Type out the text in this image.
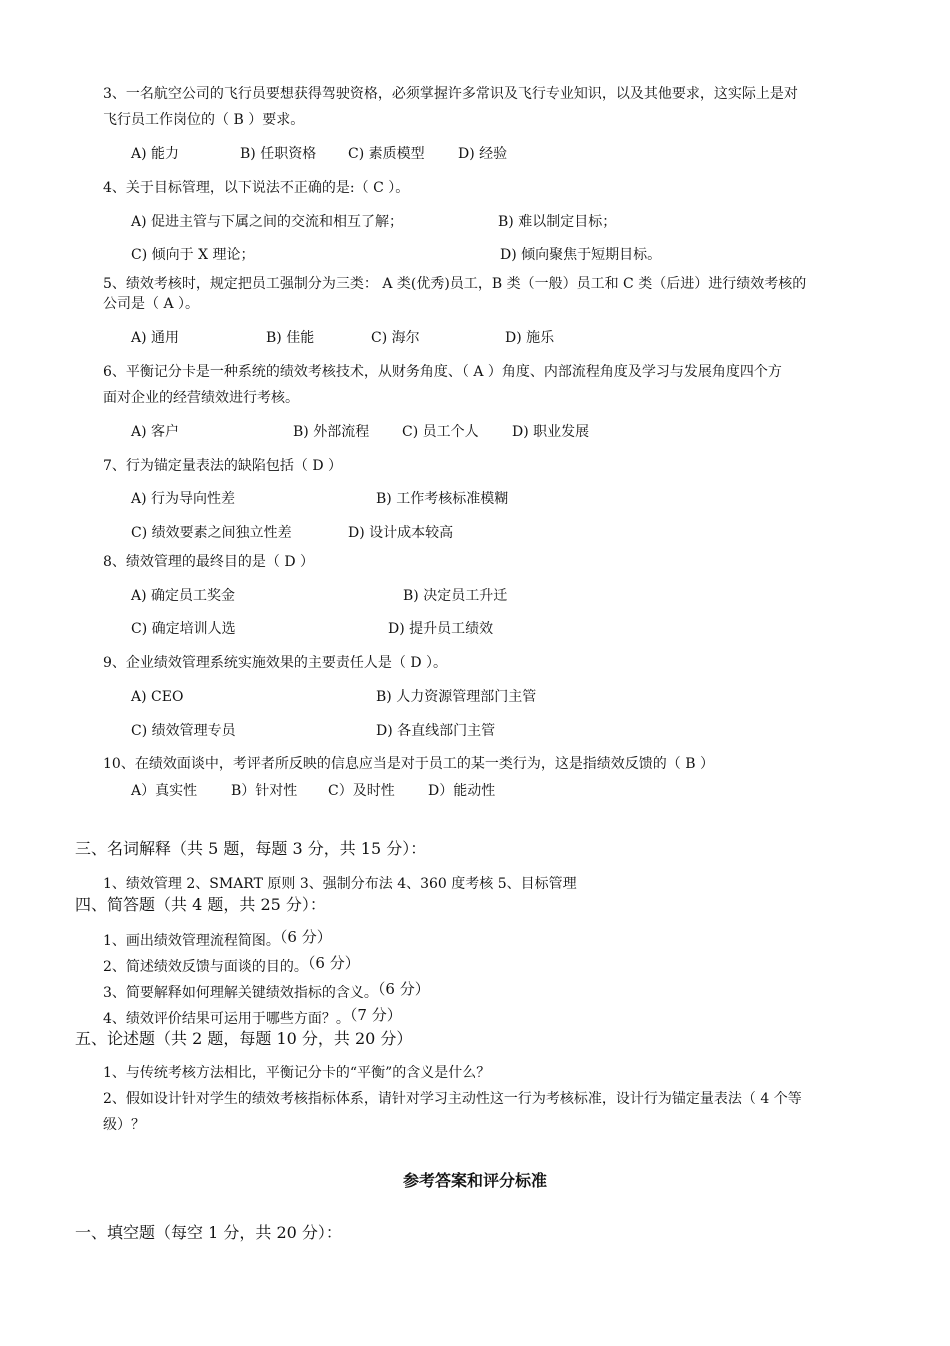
3、一名航空公司的飞行员要想获得驾驶资格，必须掌握许多常识及飞行专业知识，以及其他要求，这实际上是对
飞行员工作岗位的（ B ）要求。
A) 能力	B) 任职资格 C) 素质模型 D) 经验
4、关于目标管理，以下说法不正确的是:（ C ）。
A) 促进主管与下属之间的交流和相互了解；	B) 难以制定目标；
C) 倾向于 X 理论；	D) 倾向聚焦于短期目标。
5、绩效考核时，规定把员工强制分为三类： A 类(优秀)员工，B 类（一般）员工和 C 类（后进）进行绩效考核的
公司是（ A ）。
A) 通用	B) 佳能	C) 海尔	D) 施乐
6、平衡记分卡是一种系统的绩效考核技术，从财务角度、（ A ）角度、内部流程角度及学习与发展角度四个方
面对企业的经营绩效进行考核。
A) 客户	B) 外部流程 C) 员工个人 D) 职业发展
7、行为锚定量表法的缺陷包括（ D ）
A) 行为导向性差	B) 工作考核标准模糊
C) 绩效要素之间独立性差	D) 设计成本较高
8、绩效管理的最终目的是（ D ）
A) 确定员工奖金	B) 决定员工升迁
C) 确定培训人选	D) 提升员工绩效
9、企业绩效管理系统实施效果的主要责任人是（ D ）。
A) CEO	B) 人力资源管理部门主管
C) 绩效管理专员	D) 各直线部门主管
10、在绩效面谈中，考评者所反映的信息应当是对于员工的某一类行为，这是指绩效反馈的（ B ）
A）真实性 B）针对性 C）及时性 D）能动性
三、名词解释（共 5 题，每题 3 分，共 15 分）：
1、绩效管理 2、SMART 原则 3、强制分布法 4、360 度考核 5、目标管理
四、简答题（共 4 题，共 25 分）：
1、画出绩效管理流程简图。（6 分）
2、简述绩效反馈与面谈的目的。（6 分）
3、简要解释如何理解关键绩效指标的含义。（6 分）
4、绩效评价结果可运用于哪些方面？。（7 分）
五、论述题（共 2 题，每题 10 分，共 20 分）
1、与传统考核方法相比，平衡记分卡的“平衡”的含义是什么？
2、假如设计针对学生的绩效考核指标体系，请针对学习主动性这一行为考核标准，设计行为锚定量表法（ 4 个等
级）？
参考答案和评分标准
一、填空题（每空 1 分，共 20 分）：
